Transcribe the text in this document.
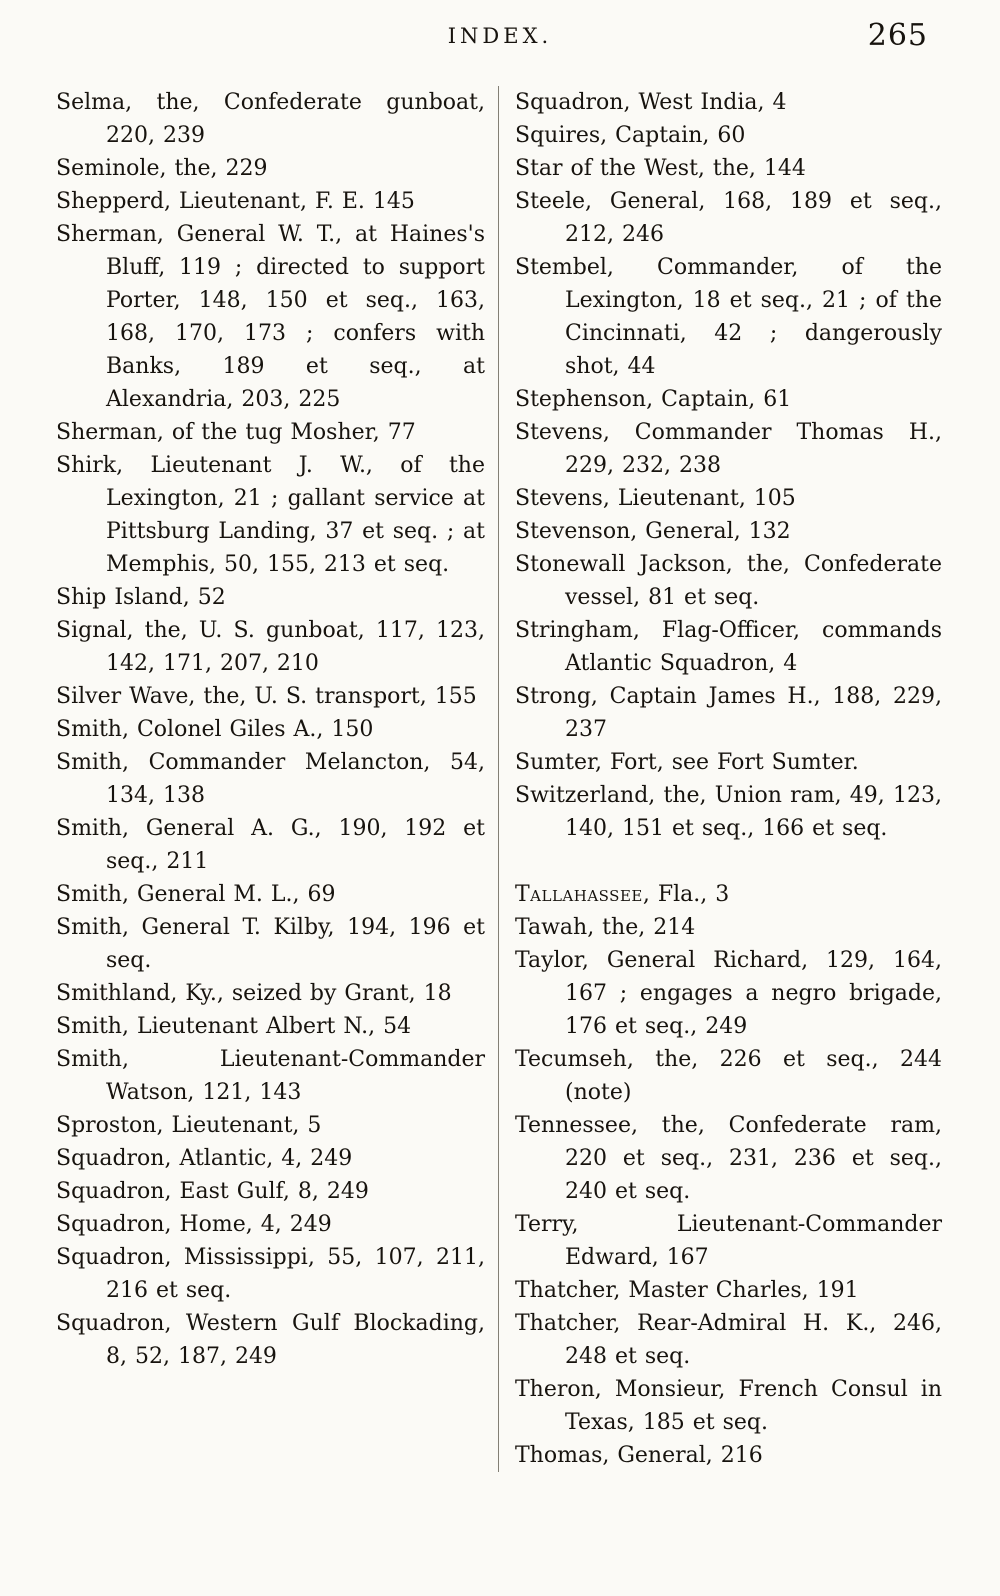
INDEX.	265

Selma, the, Confederate gunboat, 220, 239

Seminole, the, 229

Shepperd, Lieutenant, F. E. 145

Sherman, General W. T., at Haines's Bluff, 119 ; directed to support Porter, 148, 150 et seq., 163, 168, 170, 173 ; confers with Banks, 189 et seq., at Alexandria, 203, 225

Sherman, of the tug Mosher, 77

Shirk, Lieutenant J. W., of the Lexington, 21 ; gallant service at Pittsburg Landing, 37 et seq. ; at Memphis, 50, 155, 213 et seq.

Ship Island, 52

Signal, the, U. S. gunboat, 117, 123, 142, 171, 207, 210

Silver Wave, the, U. S. transport, 155

Smith, Colonel Giles A., 150

Smith, Commander Melancton, 54, 134, 138

Smith, General A. G., 190, 192 et seq., 211

Smith, General M. L., 69

Smith, General T. Kilby, 194, 196 et seq.

Smithland, Ky., seized by Grant, 18

Smith, Lieutenant Albert N., 54

Smith, Lieutenant-Commander Watson, 121, 143

Sproston, Lieutenant, 5

Squadron, Atlantic, 4, 249

Squadron, East Gulf, 8, 249

Squadron, Home, 4, 249

Squadron, Mississippi, 55, 107, 211, 216 et seq.

Squadron, Western Gulf Blockading, 8, 52, 187, 249

Squadron, West India, 4

Squires, Captain, 60

Star of the West, the, 144

Steele, General, 168, 189 et seq., 212, 246

Stembel, Commander, of the Lexington, 18 et seq., 21 ; of the Cincinnati, 42 ; dangerously shot, 44

Stephenson, Captain, 61

Stevens, Commander Thomas H., 229, 232, 238

Stevens, Lieutenant, 105

Stevenson, General, 132

Stonewall Jackson, the, Confederate vessel, 81 et seq.

Stringham, Flag-Officer, commands Atlantic Squadron, 4

Strong, Captain James H., 188, 229, 237

Sumter, Fort, see Fort Sumter.

Switzerland, the, Union ram, 49, 123, 140, 151 et seq., 166 et seq.

Tallahassee, Fla., 3

Tawah, the, 214

Taylor, General Richard, 129, 164, 167 ; engages a negro brigade, 176 et seq., 249

Tecumseh, the, 226 et seq., 244 (note)

Tennessee, the, Confederate ram, 220 et seq., 231, 236 et seq., 240 et seq.

Terry, Lieutenant-Commander Edward, 167

Thatcher, Master Charles, 191

Thatcher, Rear-Admiral H. K., 246, 248 et seq.

Theron, Monsieur, French Consul in Texas, 185 et seq.

Thomas, General, 216
